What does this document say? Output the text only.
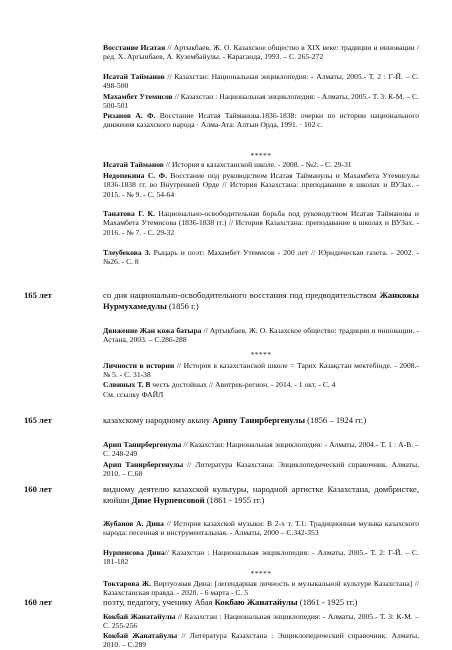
Восстание Исатая // Артыкбаев, Ж. О. Казахское общество в XIX веке: традиции и инновации / ред. Х. Аргынбаев, А. Кузембайулы. - Караганда, 1993. – С. 265-272
Исатай Тайманов // Казахстан: Национальная энциклопедия: - Алматы, 2005.- Т. 2 : Г-Й. – С. 498-500
Махамбет Утемисов // Казахстан : Национальная энциклопедия: - Алматы, 2005.- Т. 3: К-М. – С. 500-501
Ризанов А. Ф. Восстание Исатая Тайманова.1836-1838: очерки по истории национального движения казахского народа · Алма-Ата: Алтын Орда, 1991. · 102 с.
*****
Исатай Тайманов // История в казахстанской школе. - 2008. - №2. - С. 29-31
Недопекина С. Ф. Восстание под руководством Исатая Тайманулы и Махамбета Утемисулы 1836-1838 гг. во Внутренней Орде // История Казахстана: преподавание в школах и ВУЗах. - 2015. - № 9. - С. 54-64
Танатова Г. К. Национально-освободительная борьба под руководством Исатая Тайманова и Махамбета Утемисова (1836-1838 гг.) // История Казахстана: преподавание в школах и ВУЗах. - 2016. - № 7. - С. 29-32
Тлеубекова З. Рыцарь и поэт: Махамбет Утемисов - 200 лет // Юридическая газета. - 2002. - №26. - С. 8
165 лет	со дня национально-освободительного восстания под предводительством Жанкожы Нурмухамедулы (1856 г.)
Движение Жан кожа батыра // Артыкбаев, Ж. О. Казахское общество: традиции и инновации. - Астана, 2003. – С.286-288
*****
Личности в истории // История в казахстанской школе = Тарих Казақстан мектебінде. - 2008.- № 5. - С. 31-38
Слвиных Т. В честь достойных // Авитрек-регион. - 2014. - 1 окт. - С. 4
См. ссылку ФАЙЛ
165 лет	казахскому народному акыну Арипу Танирбергенулы (1856 – 1924 гг.)
Арип Танирбергенулы // Казахстан: Национальная энциклопедия: - Алматы, 2004.- Т. 1 : А-В. – С. 248-249
Арип Танирбергенулы // Литература Казахстана: Энциклопедический справочник. Алматы, 2010. – С.68
160 лет	видному деятелю казахской культуры, народной артистке Казахстана, домбристке, кюйши Дине Нурпеисовой (1861 - 1955 гг.)
Жубанов А. Дина // История казахской музыки: В 2-х т. Т.1: Традиционная музыка казахского народа: песенная и инструментальная. - Алматы, 2000 – С.342-353
Нурпеисова Дина// Казахстан : Национальная энциклопедия: - Алматы, 2005.- Т. 2: Г-Й. – С. 181-182
*****
Токтарова Ж. Виртуозная Дина: [легендарная личность в музыкальной культуре Казахстана] // Казахстанская правда. - 2020. - 6 марта - С. 5
160 лет	поэту, педагогу, ученику Абая Кокбаю Жанатайулы (1861 - 1925 гг.)
Кокбай Жанатайулы // Казахстан : Национальная энциклопедия: - Алматы, 2005.- Т. 3: К-М. – С. 255-256
Кокбай Жанатайулы // Литература Казахстана : Энциклопедический справочник. Алматы, 2010. – С.289
